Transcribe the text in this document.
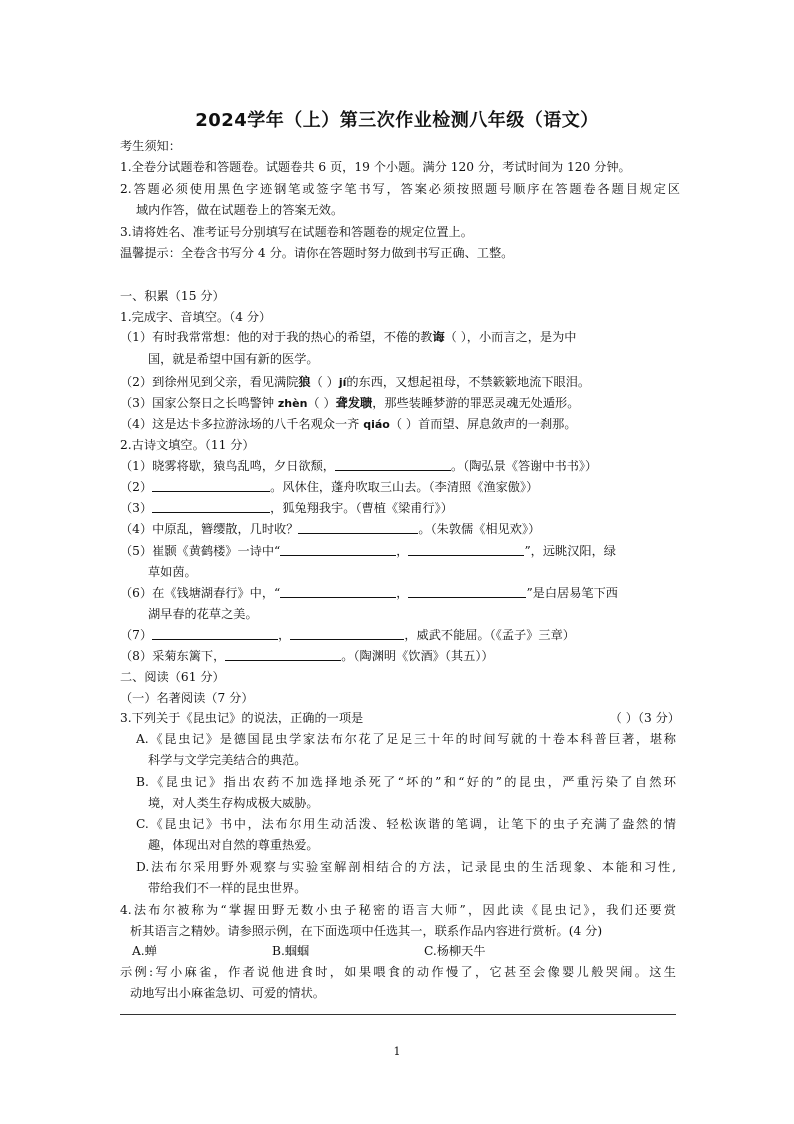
2024学年（上）第三次作业检测八年级（语文）
考生须知：
1.全卷分试题卷和答题卷。试题卷共 6 页，19 个小题。满分 120 分，考试时间为 120 分钟。
2.答题必须使用黑色字迹钢笔或签字笔书写，答案必须按照题号顺序在答题卷各题目规定区
域内作答，做在试题卷上的答案无效。
3.请将姓名、准考证号分别填写在试题卷和答题卷的规定位置上。
温馨提示：全卷含书写分 4 分。请你在答题时努力做到书写正确、工整。
一、积累（15 分）
1.完成字、音填空。（4 分）
（1）有时我常常想：他的对于我的热心的希望，不倦的教诲（ ），小而言之，是为中
国，就是希望中国有新的医学。
（2）到徐州见到父亲，看见满院狼（ ）jí的东西，又想起祖母，不禁簌簌地流下眼泪。
（3）国家公祭日之长鸣警钟 zhèn（ ）聋发聩，那些装睡梦游的罪恶灵魂无处遁形。
（4）这是达卡多拉游泳场的八千名观众一齐 qiáo（ ）首而望、屏息敛声的一刹那。
2.古诗文填空。（11 分）
（1）晓雾将歇，猿鸟乱鸣，夕日欲颓，	。（陶弘景《答谢中书书》）
（2）	。风休住，蓬舟吹取三山去。（李清照《渔家傲》）
（3）	，狐兔翔我宇。（曹植《梁甫行》）
（4）中原乱，簪缨散，几时收？	。（朱敦儒《相见欢》）
（5）崔颢《黄鹤楼》一诗中“	，	”，远眺汉阳，绿
草如茵。
（6）在《钱塘湖春行》中，“	，	”是白居易笔下西
湖早春的花草之美。
（7）	，	，威武不能屈。（《孟子》三章）
（8）采菊东篱下，	。（陶渊明《饮酒》（其五））
二、阅读（61 分）
（一）名著阅读（7 分）
3.下列关于《昆虫记》的说法，正确的一项是	（ ）（3 分）
A.《昆虫记》是德国昆虫学家法布尔花了足足三十年的时间写就的十卷本科普巨著，堪称
科学与文学完美结合的典范。
B.《昆虫记》指出农药不加选择地杀死了“坏的”和“好的”的昆虫，严重污染了自然环
境，对人类生存构成极大威胁。
C.《昆虫记》书中，法布尔用生动活泼、轻松诙谐的笔调，让笔下的虫子充满了盎然的情
趣，体现出对自然的尊重热爱。
D.法布尔采用野外观察与实验室解剖相结合的方法，记录昆虫的生活现象、本能和习性,
带给我们不一样的昆虫世界。
4.法布尔被称为“掌握田野无数小虫子秘密的语言大师”，因此读《昆虫记》，我们还要赏
析其语言之精妙。请参照示例，在下面选项中任选其一，联系作品内容进行赏析。(4 分)
A.蝉	B.蝈蝈	C.杨柳天牛
示例:写小麻雀，作者说他进食时，如果喂食的动作慢了，它甚至会像婴儿般哭闹。这生
动地写出小麻雀急切、可爱的情状。
1
